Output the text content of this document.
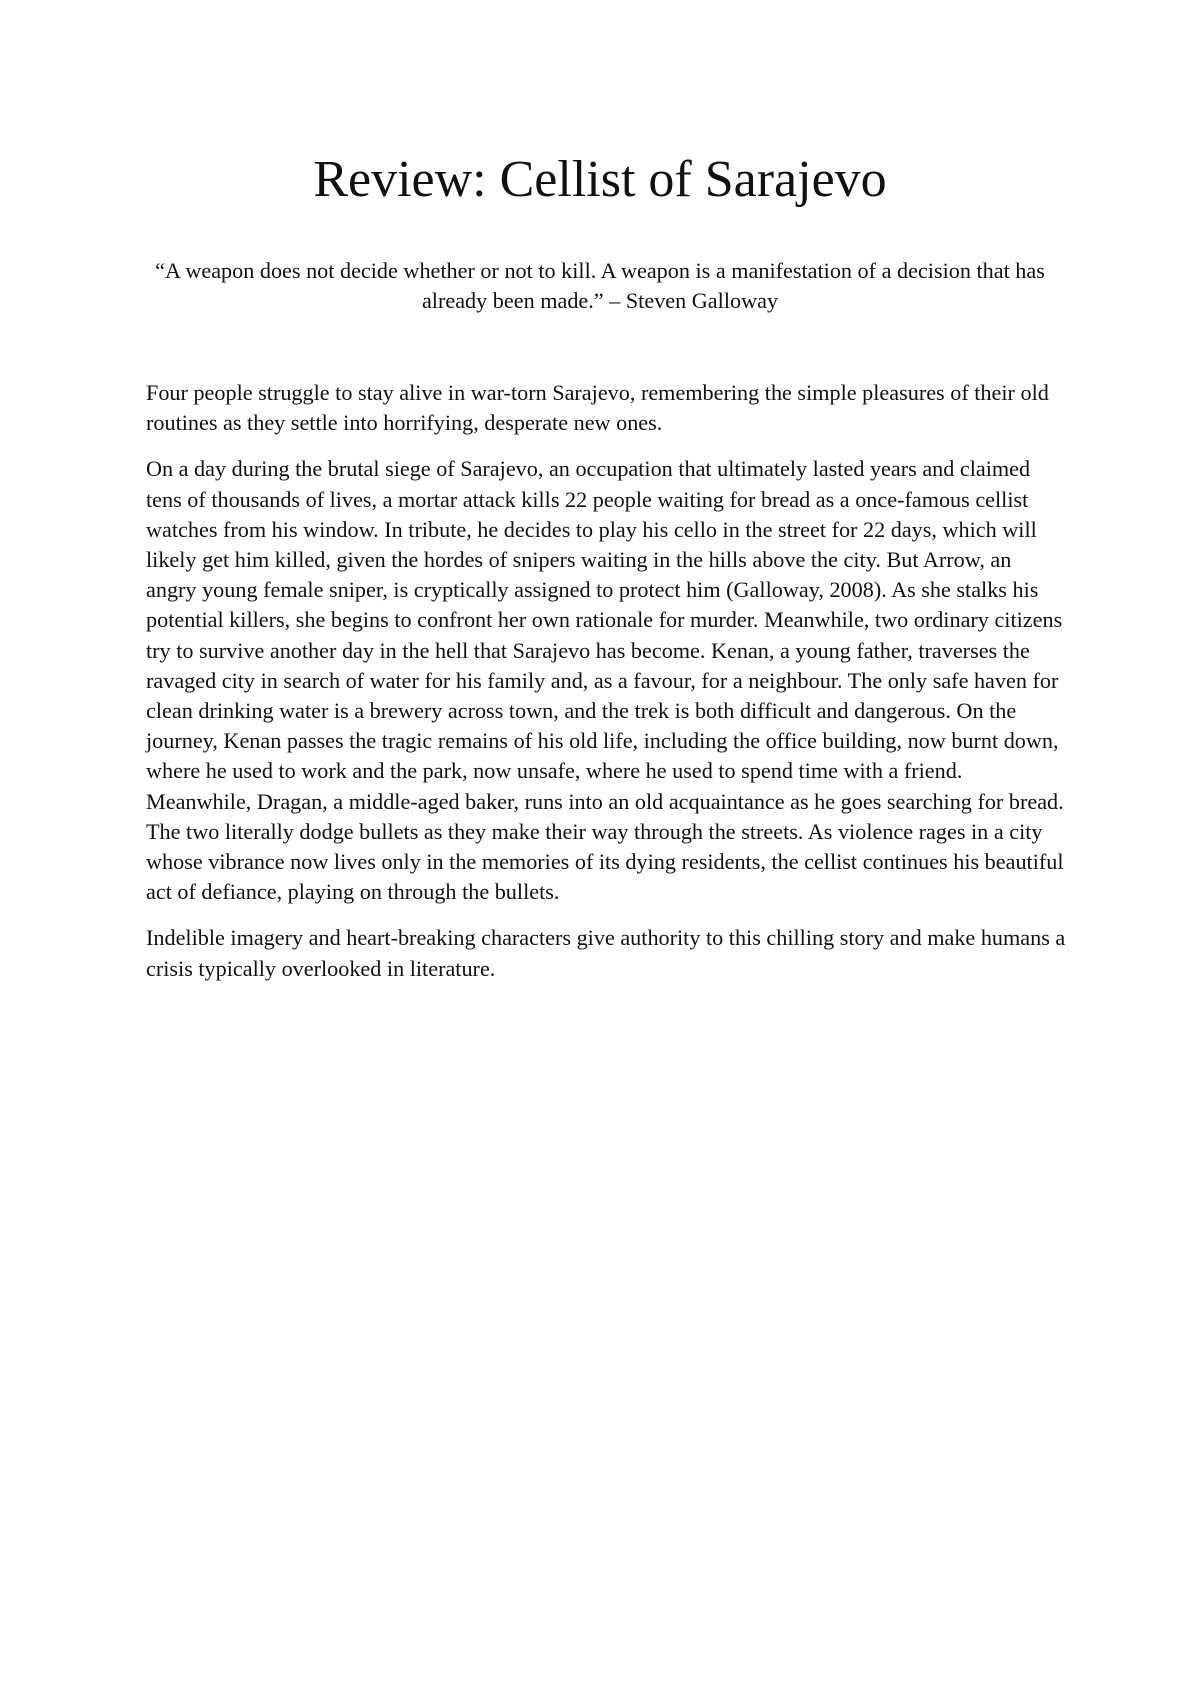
Review: Cellist of Sarajevo

“A weapon does not decide whether or not to kill. A weapon is a manifestation of a decision that has already been made.” – Steven Galloway

Four people struggle to stay alive in war-torn Sarajevo, remembering the simple pleasures of their old routines as they settle into horrifying, desperate new ones.

On a day during the brutal siege of Sarajevo, an occupation that ultimately lasted years and claimed tens of thousands of lives, a mortar attack kills 22 people waiting for bread as a once-famous cellist watches from his window. In tribute, he decides to play his cello in the street for 22 days, which will likely get him killed, given the hordes of snipers waiting in the hills above the city. But Arrow, an angry young female sniper, is cryptically assigned to protect him (Galloway, 2008). As she stalks his potential killers, she begins to confront her own rationale for murder. Meanwhile, two ordinary citizens try to survive another day in the hell that Sarajevo has become. Kenan, a young father, traverses the ravaged city in search of water for his family and, as a favour, for a neighbour. The only safe haven for clean drinking water is a brewery across town, and the trek is both difficult and dangerous. On the journey, Kenan passes the tragic remains of his old life, including the office building, now burnt down, where he used to work and the park, now unsafe, where he used to spend time with a friend. Meanwhile, Dragan, a middle-aged baker, runs into an old acquaintance as he goes searching for bread. The two literally dodge bullets as they make their way through the streets. As violence rages in a city whose vibrance now lives only in the memories of its dying residents, the cellist continues his beautiful act of defiance, playing on through the bullets.

Indelible imagery and heart-breaking characters give authority to this chilling story and make humans a crisis typically overlooked in literature.
